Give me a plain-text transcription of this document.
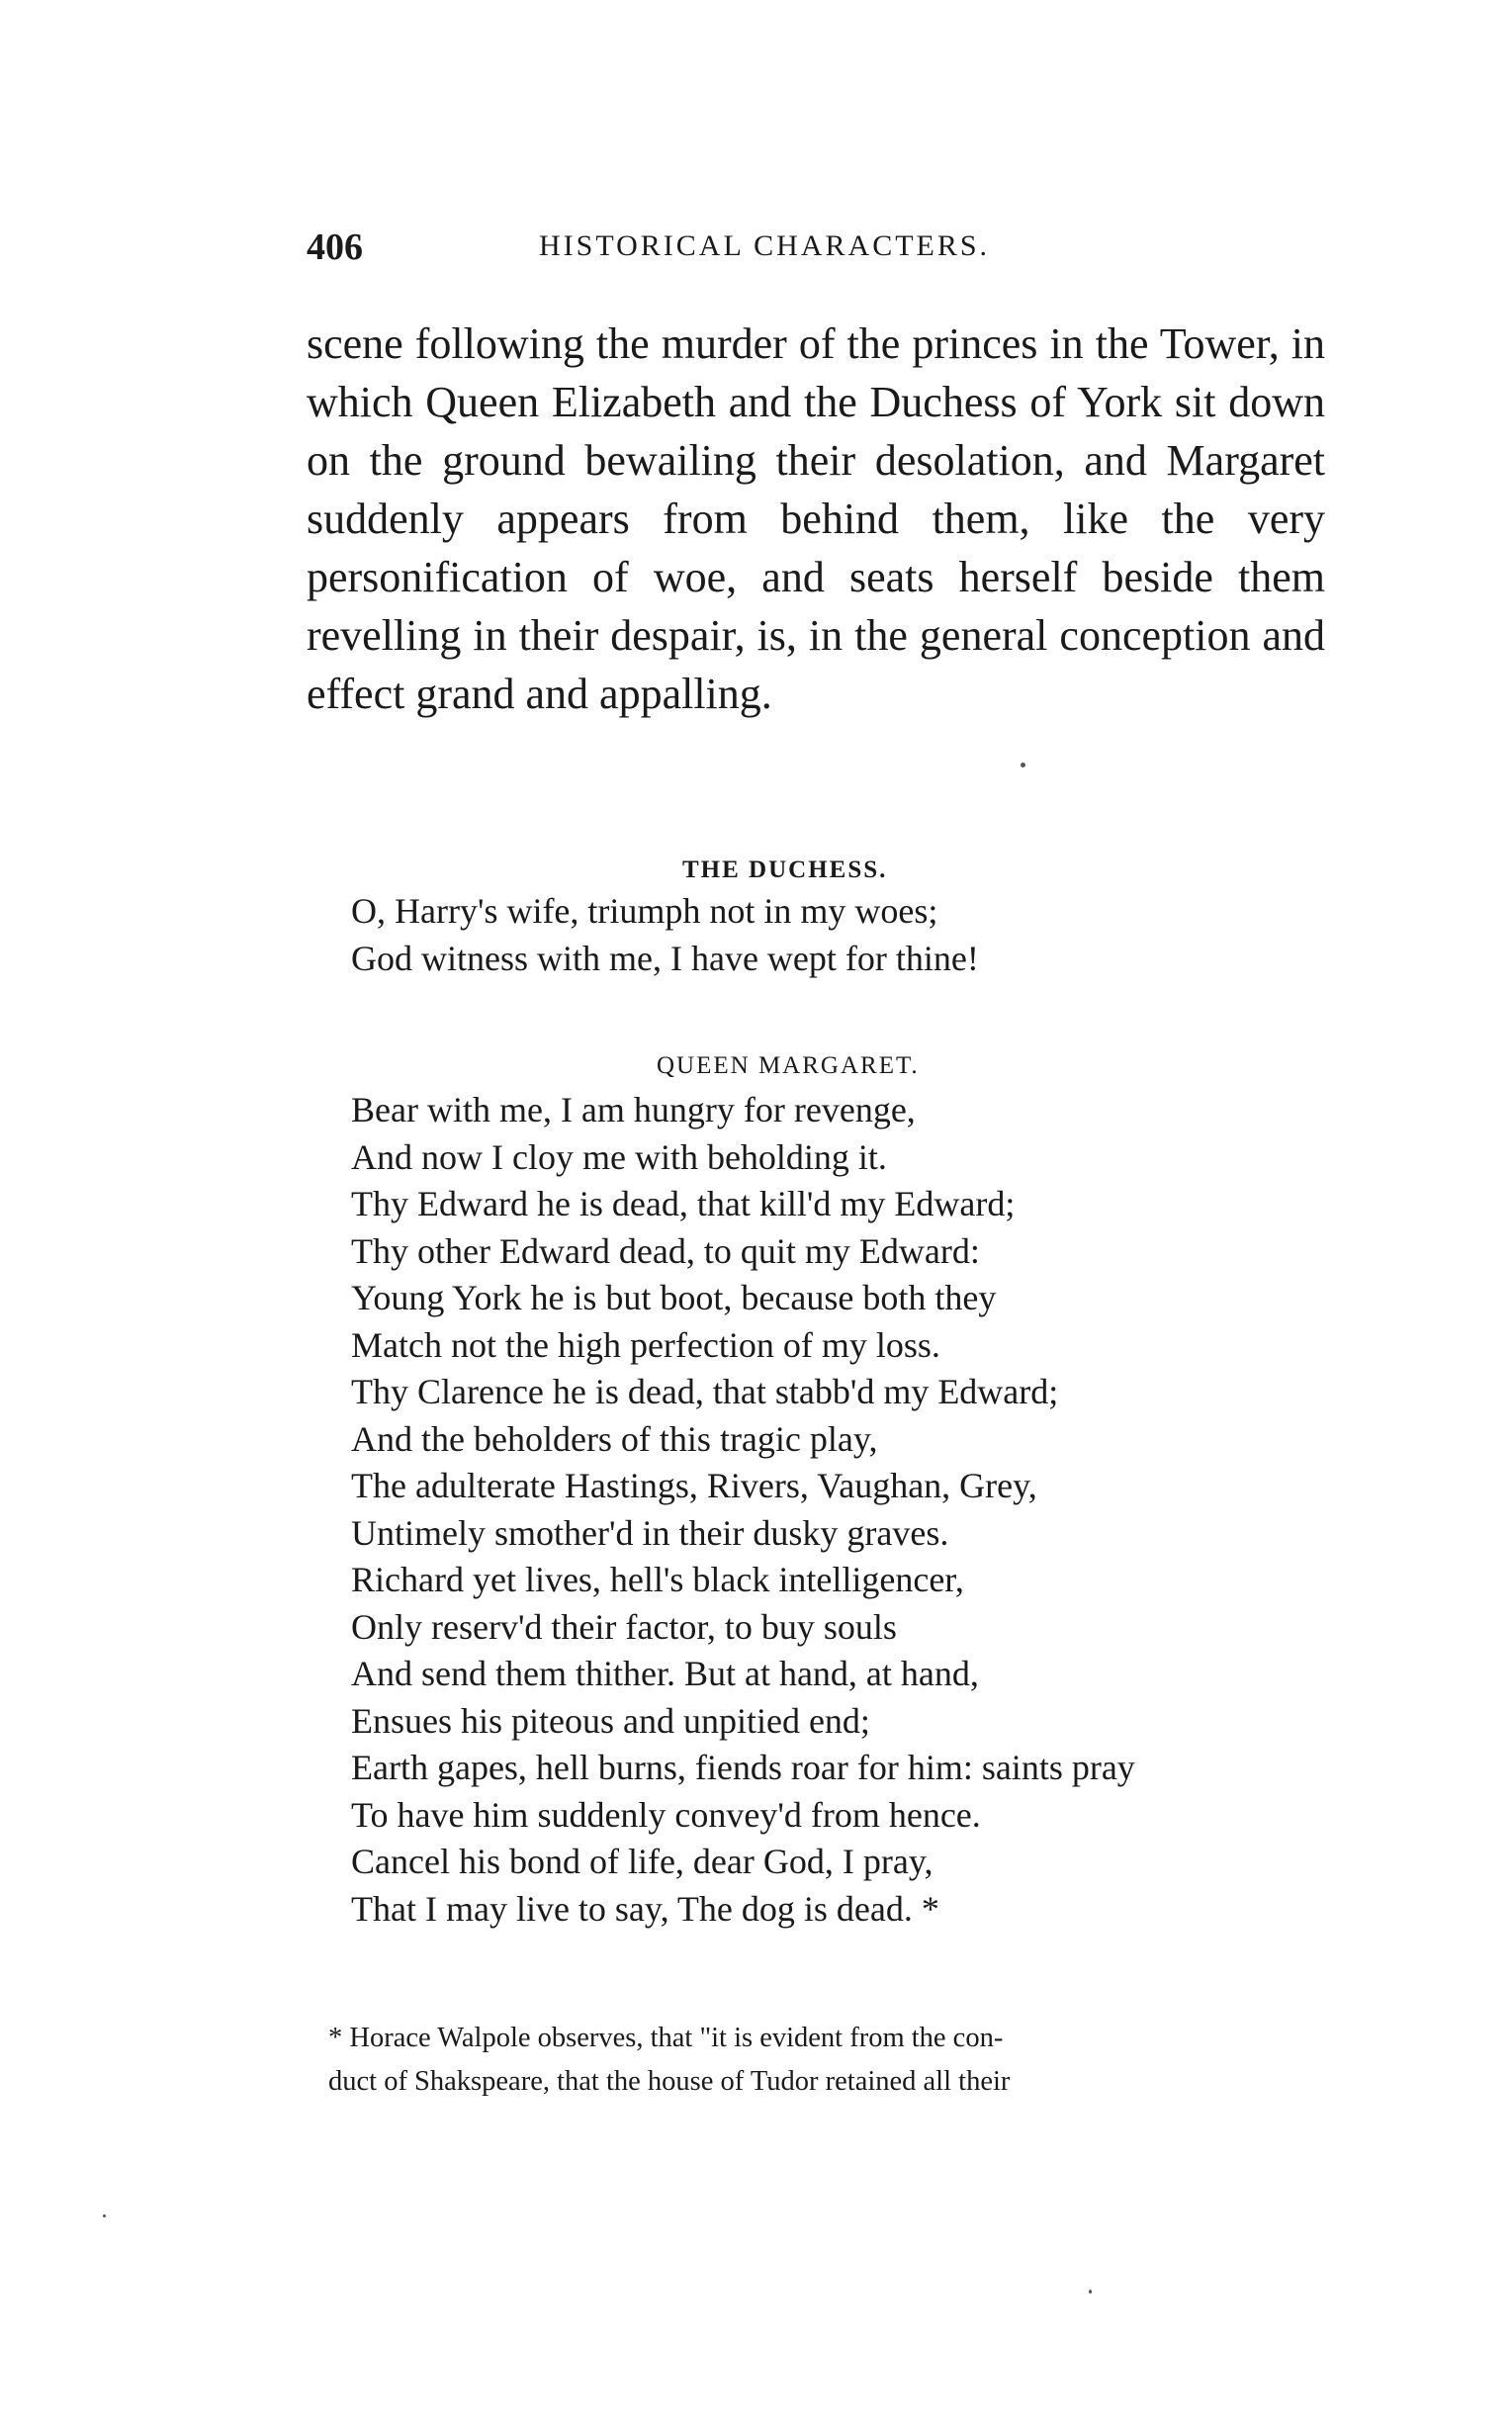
406	HISTORICAL CHARACTERS.

scene following the murder of the princes in the Tower, in which Queen Elizabeth and the Duchess of York sit down on the ground bewailing their desolation, and Margaret suddenly appears from behind them, like the very personification of woe, and seats herself beside them revelling in their despair, is, in the general conception and effect grand and appalling.

THE DUCHESS.
O, Harry's wife, triumph not in my woes;
God witness with me, I have wept for thine!
QUEEN MARGARET.
Bear with me, I am hungry for revenge,
And now I cloy me with beholding it.
Thy Edward he is dead, that kill'd my Edward;
Thy other Edward dead, to quit my Edward:
Young York he is but boot, because both they
Match not the high perfection of my loss.
Thy Clarence he is dead, that stabb'd my Edward;
And the beholders of this tragic play,
The adulterate Hastings, Rivers, Vaughan, Grey,
Untimely smother'd in their dusky graves.
Richard yet lives, hell's black intelligencer,
Only reserv'd their factor, to buy souls
And send them thither. But at hand, at hand,
Ensues his piteous and unpitied end;
Earth gapes, hell burns, fiends roar for him: saints pray
To have him suddenly convey'd from hence.
Cancel his bond of life, dear God, I pray,
That I may live to say, The dog is dead. *
* Horace Walpole observes, that "it is evident from the con-
duct of Shakspeare, that the house of Tudor retained all their
